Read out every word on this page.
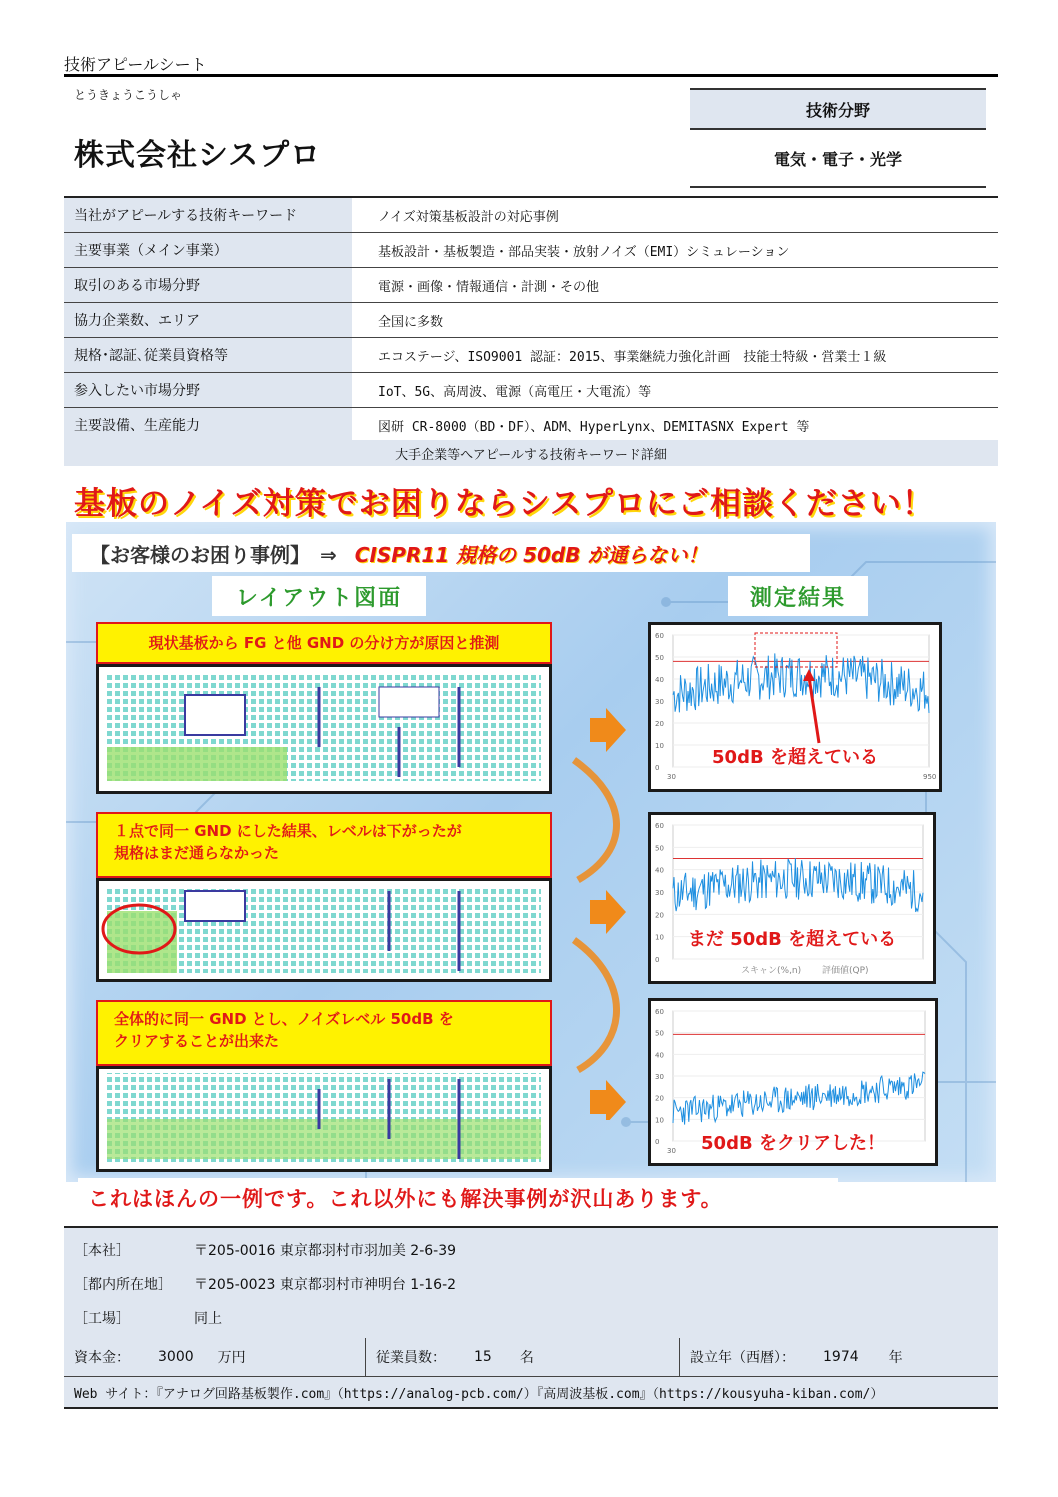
技術アピールシート
とうきょうこうしゃ
株式会社シスプロ
技術分野
電気・電子・光学
当社がアピールする技術キーワード	ノイズ対策基板設計の対応事例
主要事業（メイン事業）	基板設計・基板製造・部品実装・放射ノイズ（EMI）シミュレーション
取引のある市場分野	電源・画像・情報通信・計測・その他
協力企業数、エリア	全国に多数
規格･認証､従業員資格等	エコステージ、ISO9001 認証：2015、事業継続力強化計画　技能士特級・営業士１級
参入したい市場分野	IoT、5G、高周波、電源（高電圧・大電流）等
主要設備、生産能力	図研 CR-8000（BD・DF）、ADM、HyperLynx、DEMITASNX Expert 等
大手企業等へアピールする技術キーワード詳細
基板のノイズ対策でお困りならシスプロにご相談ください！
【お客様のお困り事例】　⇒ CISPR11 規格の 50dB が通らない！
レイアウト図面	測定結果
現状基板から FG と他 GND の分け方が原因と推測	60
50
40
30
20
10
0
30	950
50dB を超えている
１点で同一 GND にした結果、レベルは下がったが
規格はまだ通らなかった
60
50
40
30
20
10
0
まだ 50dB を超えている
スキャン(%,n)　　 評価値(QP)
全体的に同一 GND とし、ノイズレベル 50dB を
クリアすることが出来た
60
50
40
30
20
10
0
30	50dB をクリアした！
これはほんの一例です。これ以外にも解決事例が沢山あります。
［本社］	〒205-0016 東京都羽村市羽加美 2-6-39
［都内所在地］	〒205-0023 東京都羽村市神明台 1-16-2
［工場］	同上
資本金： 3000 万円	従業員数： 15 名	設立年（西暦）： 1974 年
Web サイト：『アナログ回路基板製作.com』（https://analog-pcb.com/）『高周波基板.com』（https://kousyuha-kiban.com/）
